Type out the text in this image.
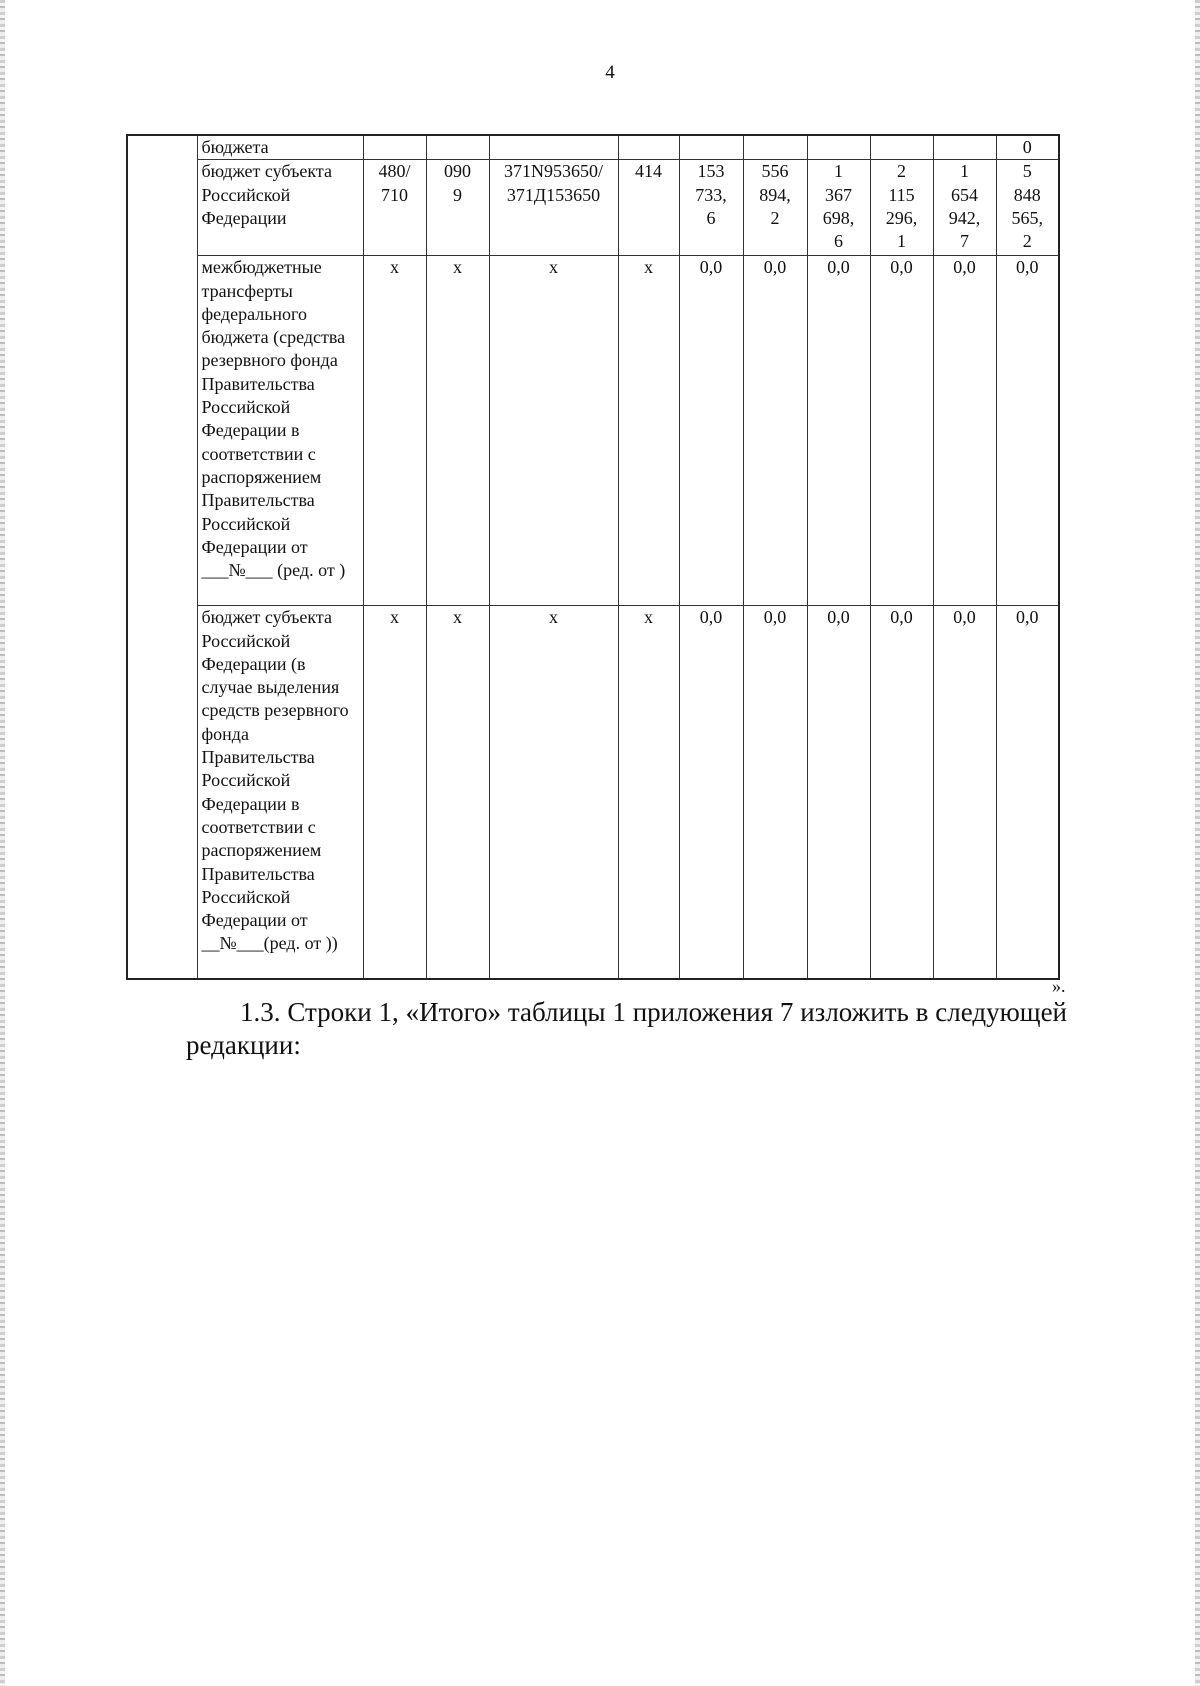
4
	бюджета										0

	бюджет субъекта Российской Федерации	480/ 710	090 9	371N953650/ 371Д153650	414	153 733, 6	556 894, 2	1 367 698, 6	2 115 296, 1	1 654 942, 7	5 848 565, 2

	межбюджетные трансферты федерального бюджета (средства резервного фонда Правительства Российской Федерации в соответствии с распоряжением Правительства Российской Федерации от ___№___ (ред. от )	х	х	х	х	0,0	0,0	0,0	0,0	0,0	0,0
	бюджет субъекта Российской Федерации (в случае выделения средств резервного фонда Правительства Российской Федерации в соответствии с распоряжением Правительства Российской Федерации от __№___(ред. от ))	х	х	х	х	0,0	0,0	0,0	0,0	0,0	0,0
».
1.3. Строки 1, «Итого» таблицы 1 приложения 7 изложить в следующей редакции:
